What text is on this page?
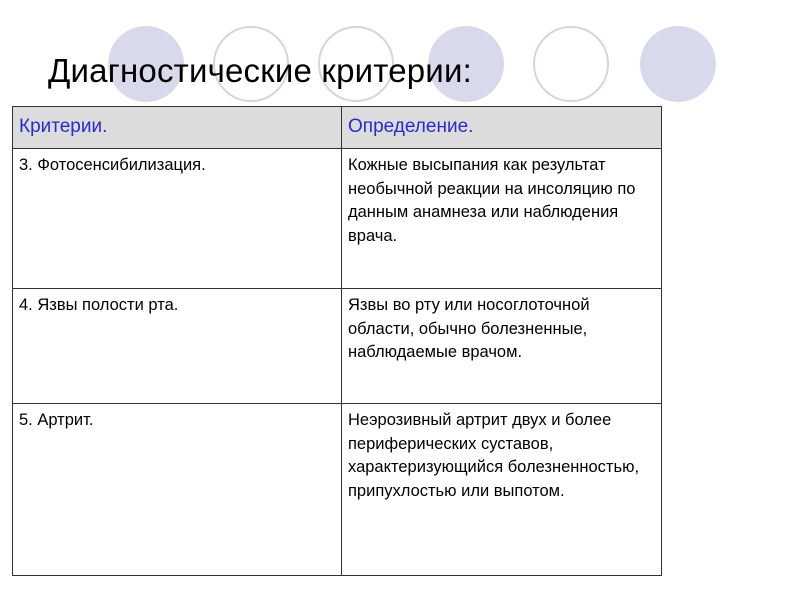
Диагностические критерии:
Критерии.	Определение.
3. Фотосенсибилизация.	Кожные высыпания как результат необычной реакции на инсоляцию по данным анамнеза или наблюдения врача.
4. Язвы полости рта.	Язвы во рту или носоглоточной области, обычно болезненные, наблюдаемые врачом.
5. Артрит.	Неэрозивный артрит двух и более периферических суставов, характеризующийся болезненностью, припухлостью или выпотом.
